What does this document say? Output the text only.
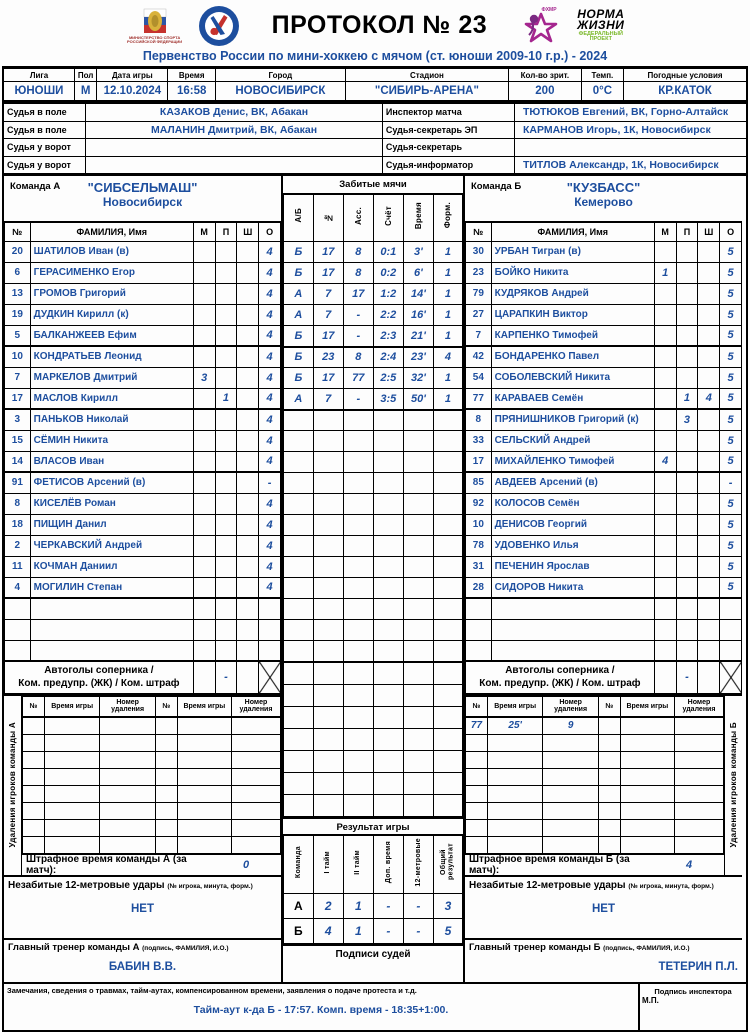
МИНИСТЕРСТВО СПОРТА РОССИЙСКОЙ ФЕДЕРАЦИИ
ПРОТОКОЛ № 23
ФХМР НОРМА
ЖИЗНИ
ФЕДЕРАЛЬНЫЙ
ПРОЕКТ
Первенство России по мини-хоккею с мячом (ст. юноши 2009-10 г.р.) - 2024
Лига	Пол	Дата игры	Время	Город	Стадион	Кол-во зрит.	Темп.	Погодные условия
ЮНОШИ	М	12.10.2024	16:58	НОВОСИБИРСК	"СИБИРЬ-АРЕНА"	200	0°С	КР.КАТОК
Судья в поле	КАЗАКОВ Денис, ВК, Абакан	Инспектор матча	ТЮТЮКОВ Евгений, ВК, Горно-Алтайск
Судья в поле	МАЛАНИН Дмитрий, ВК, Абакан	Судья-секретарь ЭП	КАРМАНОВ Игорь, 1К, Новосибирск
Судья у ворот		Судья-секретарь	
Судья у ворот		Судья-информатор	ТИТЛОВ Александр, 1К, Новосибирск
Команда А	"СИБСЕЛЬМАШ"
Новосибирск
№	ФАМИЛИЯ, Имя	М	П	Ш	О
20	ШАТИЛОВ Иван (в)				4
6	ГЕРАСИМЕНКО Егор				4
13	ГРОМОВ Григорий				4
19	ДУДКИН Кирилл (к)				4
5	БАЛКАНЖЕЕВ Ефим				4
10	КОНДРАТЬЕВ Леонид				4
7	МАРКЕЛОВ Дмитрий	3			4
17	МАСЛОВ Кирилл		1		4
3	ПАНЬКОВ Николай				4
15	СЁМИН Никита				4
14	ВЛАСОВ Иван				4
91	ФЕТИСОВ Арсений (в)				-
8	КИСЕЛЁВ Роман				4
18	ПИЩИН Данил				4
2	ЧЕРКАВСКИЙ Андрей				4
11	КОЧМАН Даниил				4
4	МОГИЛИН Степан				4

Автоголы соперника /
Ком. предупр. (ЖК) / Ком. штраф			-		
Удаления игроков команды А
№	Время игры	Номер удаления	№	Время игры	Номер удаления

Штрафное время команды А (за матч):	0
Незабитые 12-метровые удары (№ игрока, минута, форм.)
НЕТ
Главный тренер команды А (подпись, ФАМИЛИЯ, И.О.)
БАБИН В.В.
Забитые мячи
А/Б	№	Асс.	Счёт	Время	Форм.
Б	17	8	0:1	3'	1
Б	17	8	0:2	6'	1
А	7	17	1:2	14'	1
А	7	-	2:2	16'	1
Б	17	-	2:3	21'	1
Б	23	8	2:4	23'	4
Б	17	77	2:5	32'	1
А	7	-	3:5	50'	1

Результат игры
Команда	I тайм	II тайм	Доп. время	12-метровые	Общий результат
А	2	1	-	-	3
Б	4	1	-	-	5
Подписи судей
Команда Б	"КУЗБАСС"
Кемерово
№	ФАМИЛИЯ, Имя	М	П	Ш	О
30	УРБАН Тигран (в)				5
23	БОЙКО Никита	1			5
79	КУДРЯКОВ Андрей				5
27	ЦАРАПКИН Виктор				5
7	КАРПЕНКО Тимофей				5
42	БОНДАРЕНКО Павел				5
54	СОБОЛЕВСКИЙ Никита				5
77	КАРАВАЕВ Семён		1	4	5
8	ПРЯНИШНИКОВ Григорий (к)		3		5
33	СЕЛЬСКИЙ Андрей				5
17	МИХАЙЛЕНКО Тимофей	4			5
85	АВДЕЕВ Арсений (в)				-
92	КОЛОСОВ Семён				5
10	ДЕНИСОВ Георгий				5
78	УДОВЕНКО Илья				5
31	ПЕЧЕНИН Ярослав				5
28	СИДОРОВ Никита				5

Автоголы соперника /
Ком. предупр. (ЖК) / Ком. штраф			-		
№	Время игры	Номер удаления	№	Время игры	Номер удаления
77	25'	9			

Штрафное время команды Б (за матч):	4
Удаления игроков команды Б
Незабитые 12-метровые удары (№ игрока, минута, форм.)
НЕТ
Главный тренер команды Б (подпись, ФАМИЛИЯ, И.О.)
ТЕТЕРИН П.Л.
Замечания, сведения о травмах, тайм-аутах, компенсированном времени, заявления о подаче протеста и т.д.
Тайм-аут к-да Б - 17:57. Комп. время - 18:35+1:00.
Подпись инспектора
М.П.
